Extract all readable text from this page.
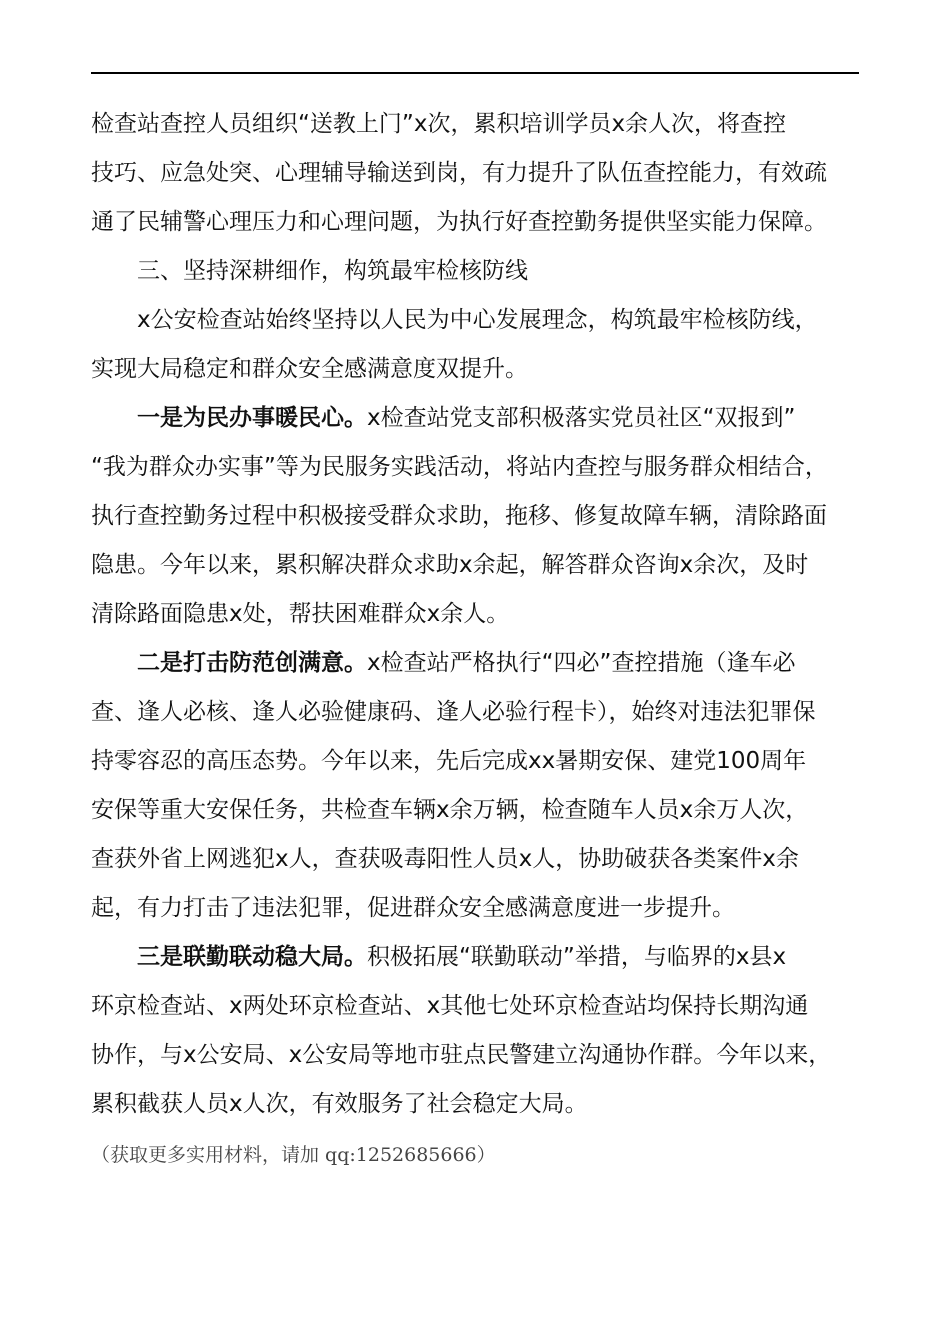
检查站查控人员组织“送教上门”x次，累积培训学员x余人次，将查控
技巧、应急处突、心理辅导输送到岗，有力提升了队伍查控能力，有效疏
通了民辅警心理压力和心理问题，为执行好查控勤务提供坚实能力保障。
三、坚持深耕细作，构筑最牢检核防线
x公安检查站始终坚持以人民为中心发展理念，构筑最牢检核防线，
实现大局稳定和群众安全感满意度双提升。
一是为民办事暖民心。x检查站党支部积极落实党员社区“双报到”
“我为群众办实事”等为民服务实践活动，将站内查控与服务群众相结合，
执行查控勤务过程中积极接受群众求助，拖移、修复故障车辆，清除路面
隐患。今年以来，累积解决群众求助x余起，解答群众咨询x余次，及时
清除路面隐患x处，帮扶困难群众x余人。
二是打击防范创满意。x检查站严格执行“四必”查控措施（逢车必
查、逢人必核、逢人必验健康码、逢人必验行程卡），始终对违法犯罪保
持零容忍的高压态势。今年以来，先后完成xx暑期安保、建党100周年
安保等重大安保任务，共检查车辆x余万辆，检查随车人员x余万人次，
查获外省上网逃犯x人，查获吸毒阳性人员x人，协助破获各类案件x余
起，有力打击了违法犯罪，促进群众安全感满意度进一步提升。
三是联勤联动稳大局。积极拓展“联勤联动”举措，与临界的x县x
环京检查站、x两处环京检查站、x其他七处环京检查站均保持长期沟通
协作，与x公安局、x公安局等地市驻点民警建立沟通协作群。今年以来，
累积截获人员x人次，有效服务了社会稳定大局。
（获取更多实用材料，请加 qq:1252685666）
